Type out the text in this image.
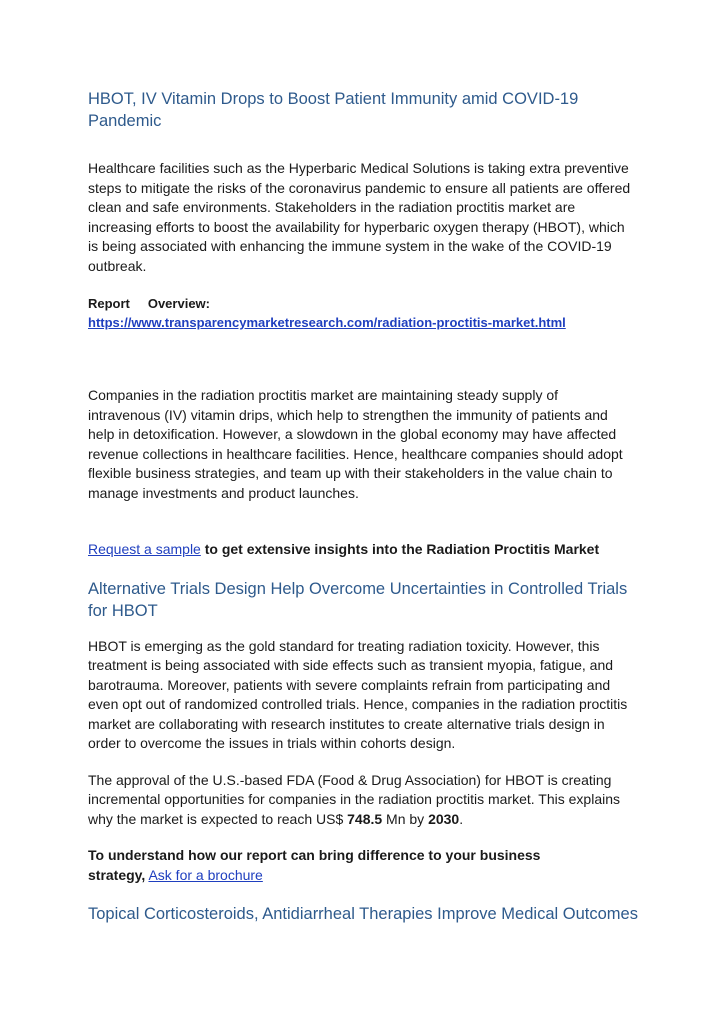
HBOT, IV Vitamin Drops to Boost Patient Immunity amid COVID-19 Pandemic

Healthcare facilities such as the Hyperbaric Medical Solutions is taking extra preventive steps to mitigate the risks of the coronavirus pandemic to ensure all patients are offered clean and safe environments. Stakeholders in the radiation proctitis market are increasing efforts to boost the availability for hyperbaric oxygen therapy (HBOT), which is being associated with enhancing the immune system in the wake of the COVID-19 outbreak.

Report Overview:
https://www.transparencymarketresearch.com/radiation-proctitis-market.html

Companies in the radiation proctitis market are maintaining steady supply of intravenous (IV) vitamin drips, which help to strengthen the immunity of patients and help in detoxification. However, a slowdown in the global economy may have affected revenue collections in healthcare facilities. Hence, healthcare companies should adopt flexible business strategies, and team up with their stakeholders in the value chain to manage investments and product launches.

Request a sample to get extensive insights into the Radiation Proctitis Market

Alternative Trials Design Help Overcome Uncertainties in Controlled Trials for HBOT

HBOT is emerging as the gold standard for treating radiation toxicity. However, this treatment is being associated with side effects such as transient myopia, fatigue, and barotrauma. Moreover, patients with severe complaints refrain from participating and even opt out of randomized controlled trials. Hence, companies in the radiation proctitis market are collaborating with research institutes to create alternative trials design in order to overcome the issues in trials within cohorts design.

The approval of the U.S.-based FDA (Food & Drug Association) for HBOT is creating incremental opportunities for companies in the radiation proctitis market. This explains why the market is expected to reach US$ 748.5 Mn by 2030.

To understand how our report can bring difference to your business strategy, Ask for a brochure

Topical Corticosteroids, Antidiarrheal Therapies Improve Medical Outcomes
